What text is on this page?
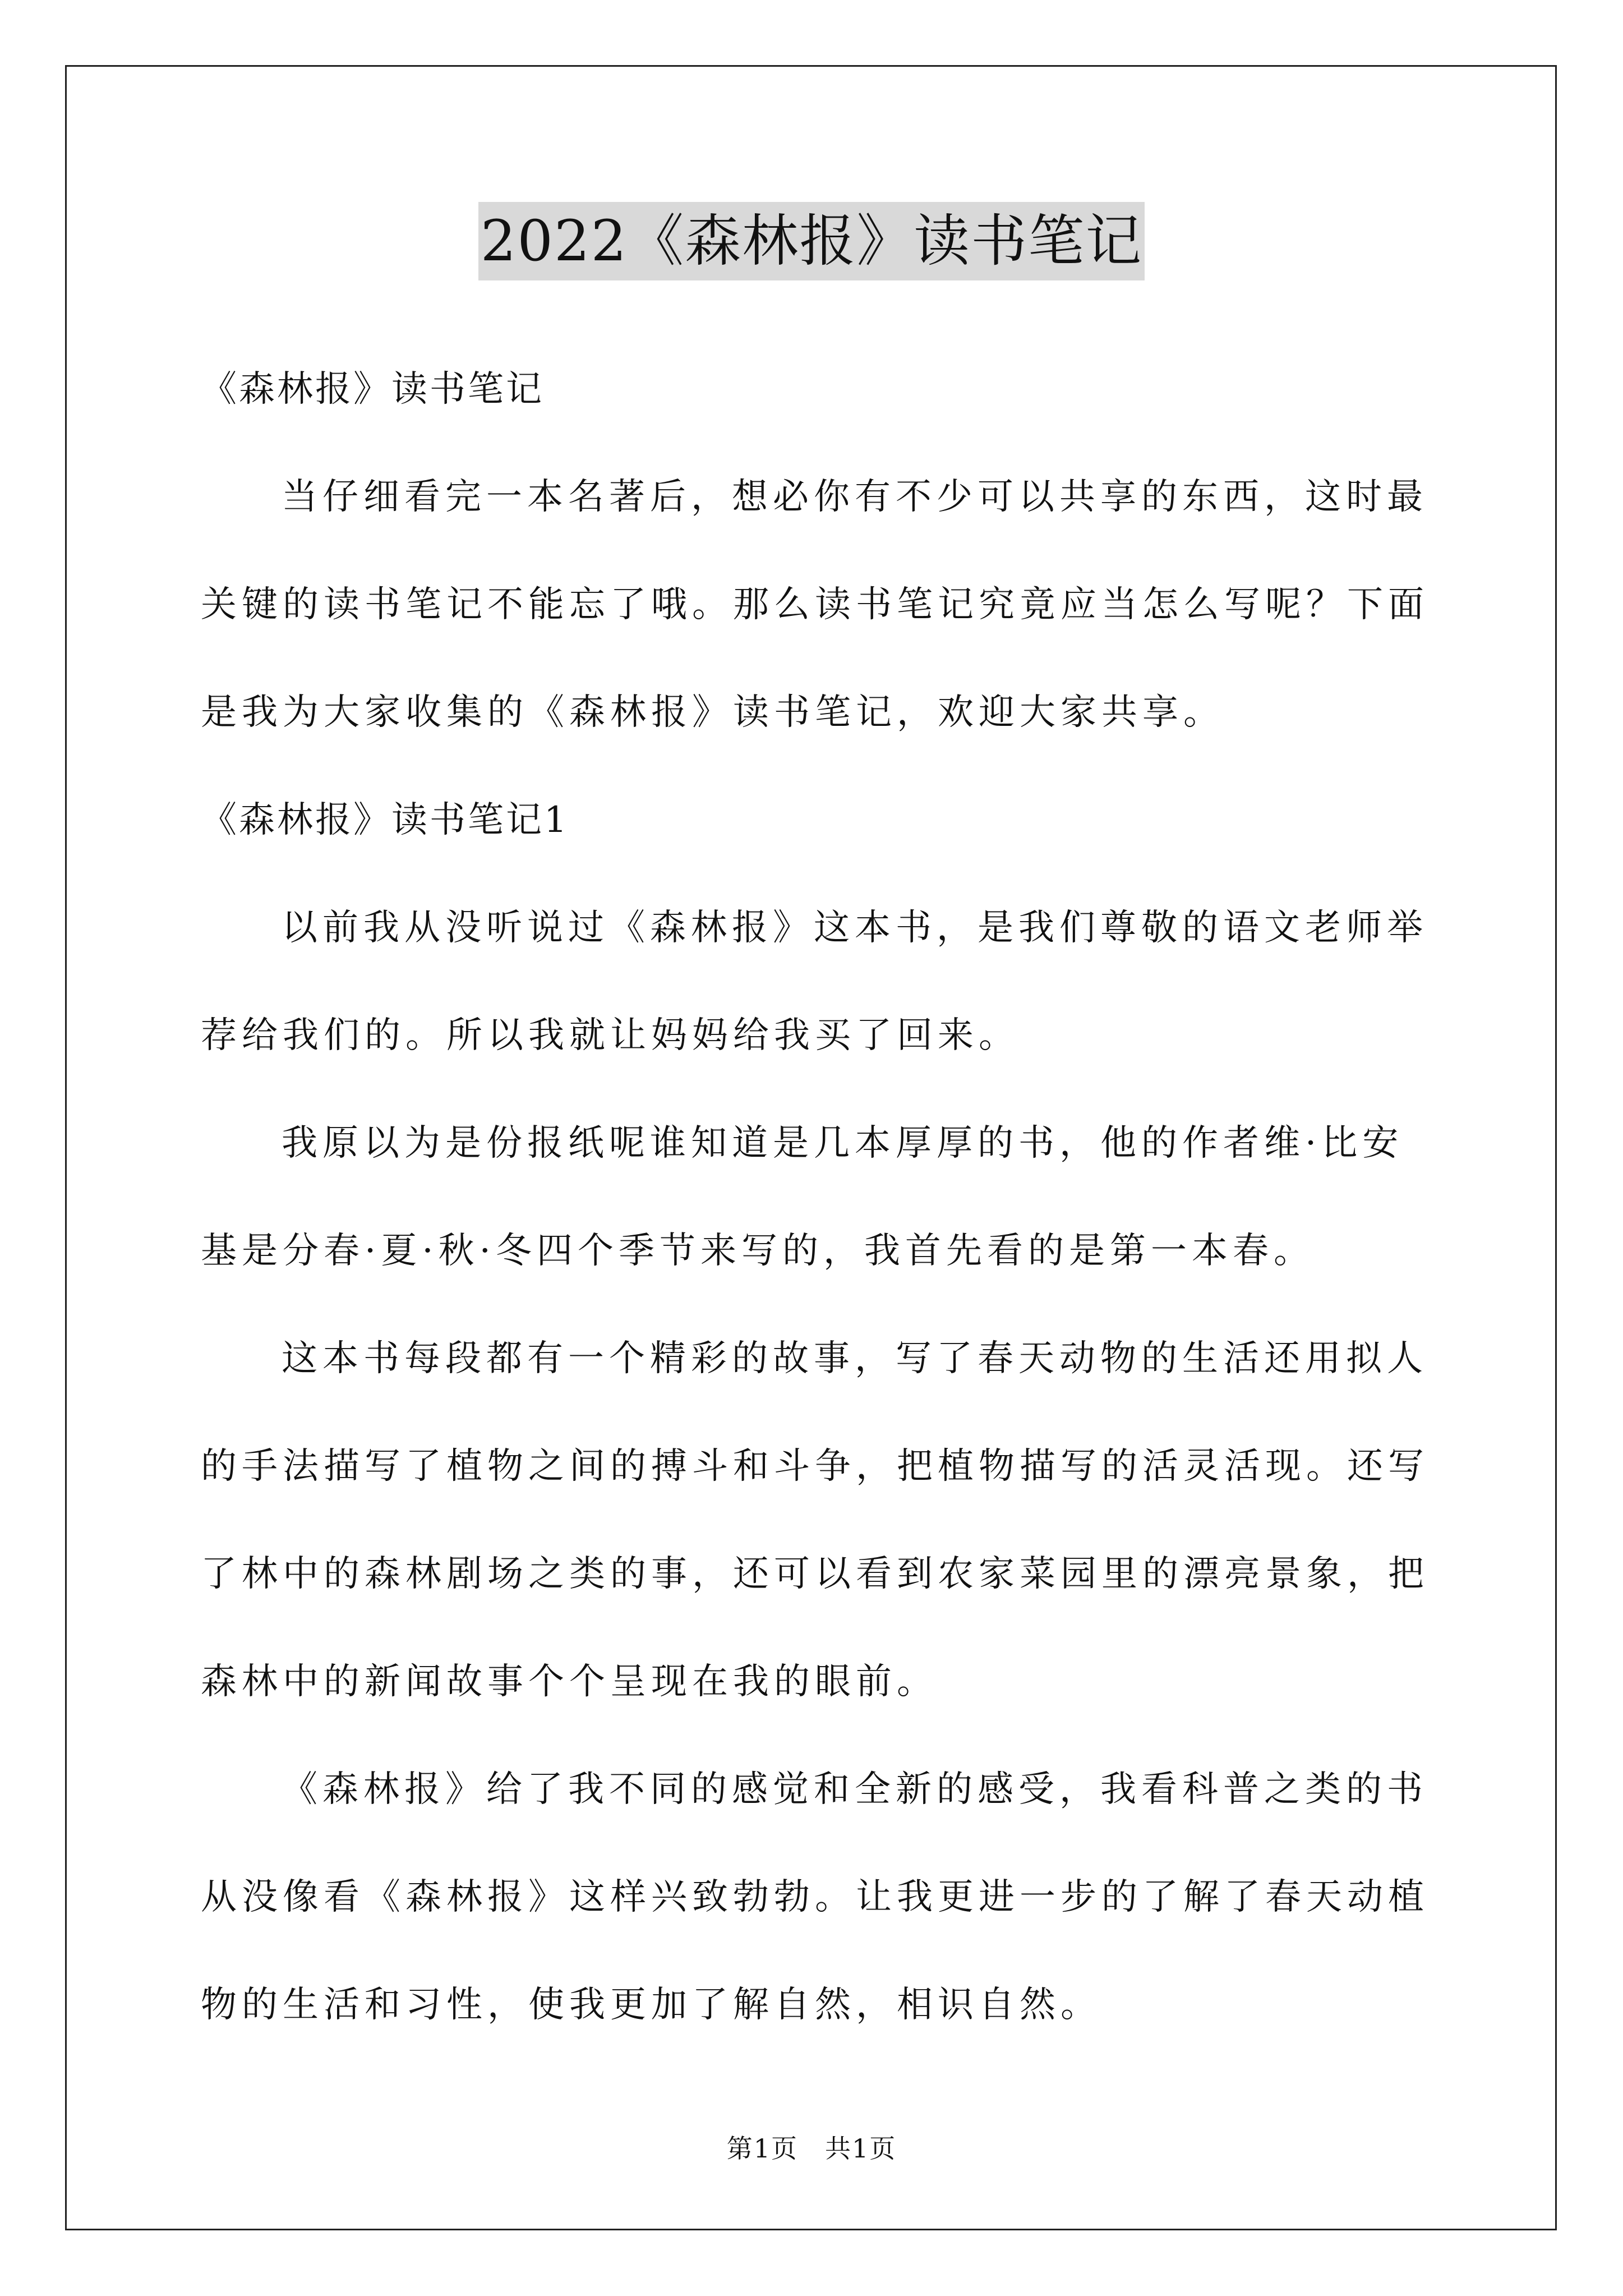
2022《森林报》读书笔记
《森林报》读书笔记
当仔细看完一本名著后，想必你有不少可以共享的东西，这时最
关键的读书笔记不能忘了哦。那么读书笔记究竟应当怎么写呢？下面
是我为大家收集的《森林报》读书笔记，欢迎大家共享。
《森林报》读书笔记1
以前我从没听说过《森林报》这本书，是我们尊敬的语文老师举
荐给我们的。所以我就让妈妈给我买了回来。
我原以为是份报纸呢谁知道是几本厚厚的书，他的作者维·比安
基是分春·夏·秋·冬四个季节来写的，我首先看的是第一本春。
这本书每段都有一个精彩的故事，写了春天动物的生活还用拟人
的手法描写了植物之间的搏斗和斗争，把植物描写的活灵活现。还写
了林中的森林剧场之类的事，还可以看到农家菜园里的漂亮景象，把
森林中的新闻故事个个呈现在我的眼前。
《森林报》给了我不同的感觉和全新的感受，我看科普之类的书
从没像看《森林报》这样兴致勃勃。让我更进一步的了解了春天动植
物的生活和习性，使我更加了解自然，相识自然。
第1页　共1页
